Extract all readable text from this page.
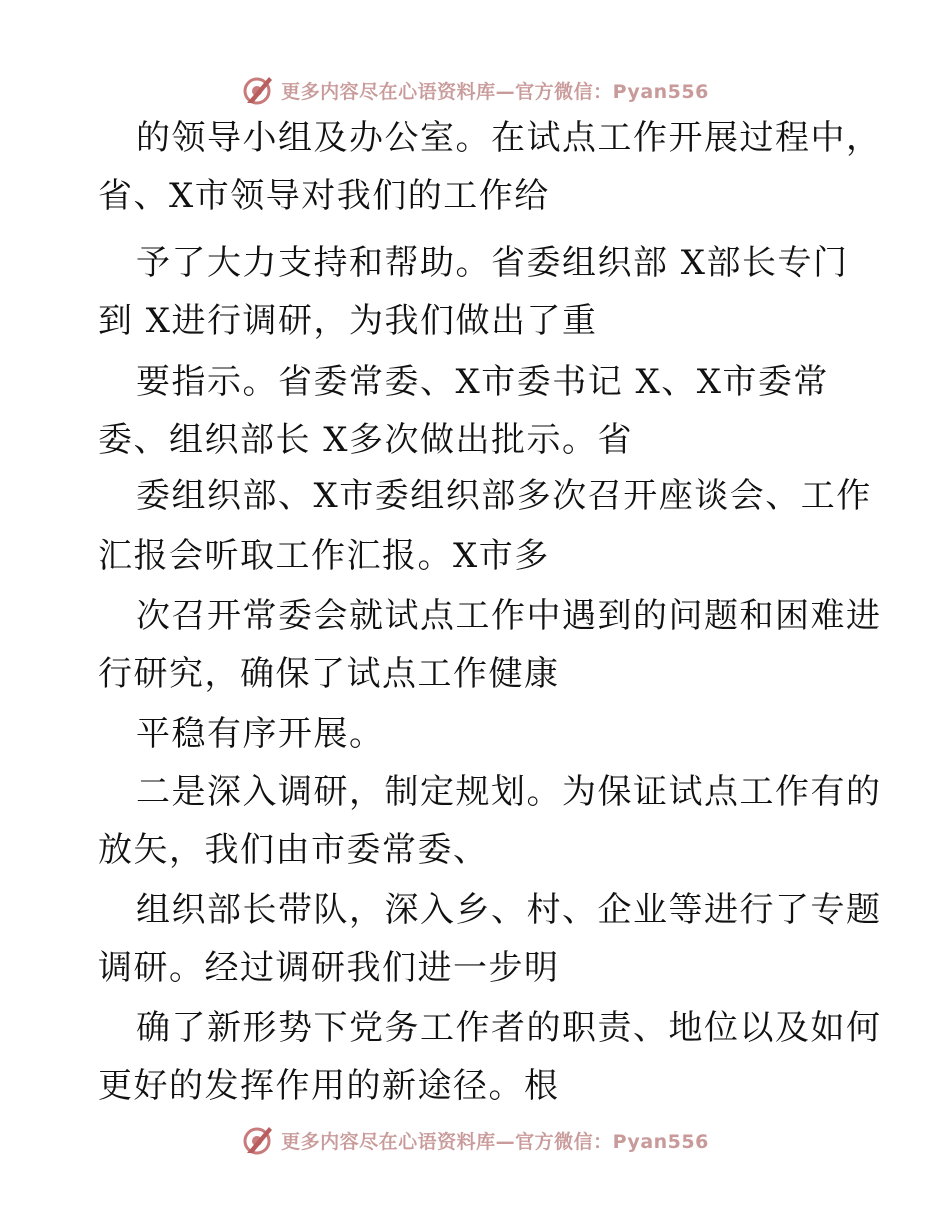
更多内容尽在心语资料库—官方微信：Pyan556
的领导小组及办公室。在试点工作开展过程中，
省、X市领导对我们的工作给
予了大力支持和帮助。省委组织部 X部长专门
到 X进行调研，为我们做出了重
要指示。省委常委、X市委书记 X、X市委常
委、组织部长 X多次做出批示。省
委组织部、X市委组织部多次召开座谈会、工作
汇报会听取工作汇报。X市多
次召开常委会就试点工作中遇到的问题和困难进
行研究，确保了试点工作健康
平稳有序开展。
二是深入调研，制定规划。为保证试点工作有的
放矢，我们由市委常委、
组织部长带队，深入乡、村、企业等进行了专题
调研。经过调研我们进一步明
确了新形势下党务工作者的职责、地位以及如何
更好的发挥作用的新途径。根
更多内容尽在心语资料库—官方微信：Pyan556
